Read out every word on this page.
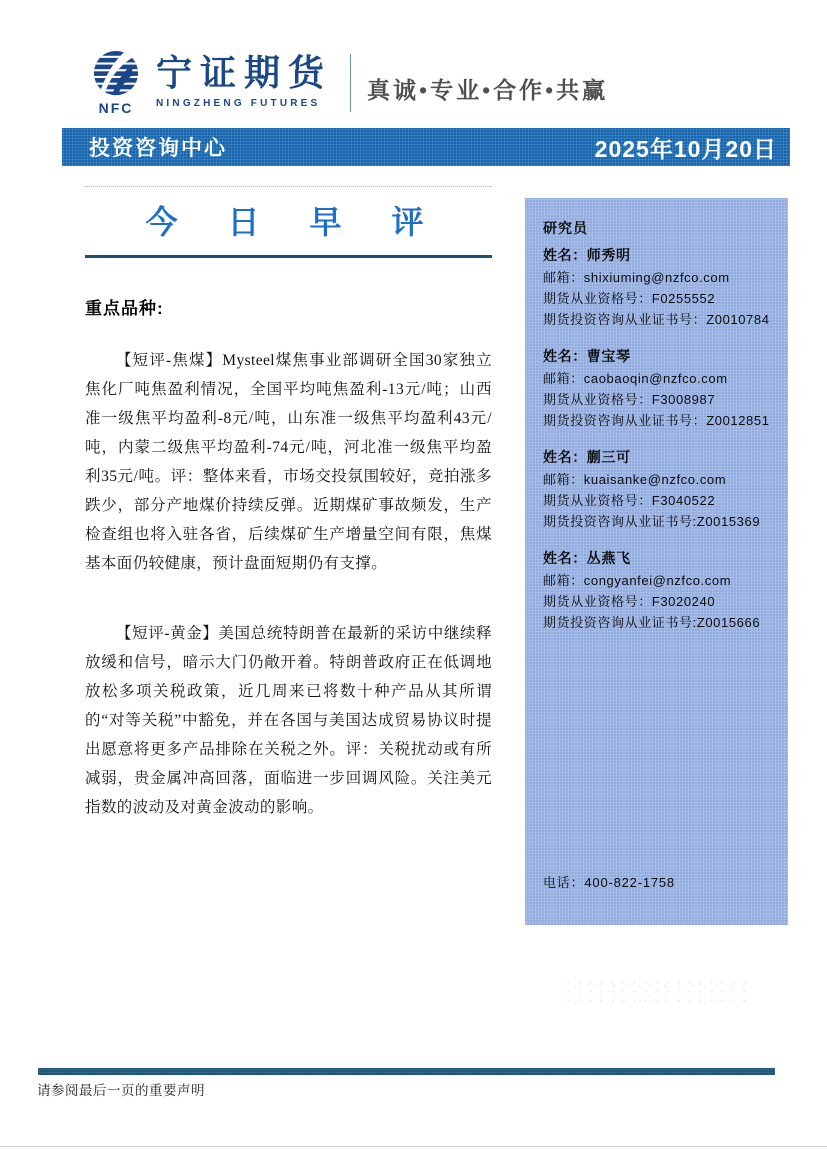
NFC
宁证期货
NINGZHENG FUTURES
真诚•专业•合作•共赢
投资咨询中心	2025年10月20日
今 日 早 评
重点品种:

【短评-焦煤】Mysteel煤焦事业部调研全国30家独立焦化厂吨焦盈利情况，全国平均吨焦盈利-13元/吨；山西准一级焦平均盈利-8元/吨，山东准一级焦平均盈利43元/吨，内蒙二级焦平均盈利-74元/吨，河北准一级焦平均盈利35元/吨。评：整体来看，市场交投氛围较好，竞拍涨多跌少，部分产地煤价持续反弹。近期煤矿事故频发，生产检查组也将入驻各省，后续煤矿生产增量空间有限，焦煤基本面仍较健康，预计盘面短期仍有支撑。

【短评-黄金】美国总统特朗普在最新的采访中继续释放缓和信号，暗示大门仍敞开着。特朗普政府正在低调地放松多项关税政策，近几周来已将数十种产品从其所谓的“对等关税”中豁免，并在各国与美国达成贸易协议时提出愿意将更多产品排除在关税之外。评：关税扰动或有所减弱，贵金属冲高回落，面临进一步回调风险。关注美元指数的波动及对黄金波动的影响。

研究员
姓名：师秀明
邮箱：shixiuming@nzfco.com
期货从业资格号：F0255552
期货投资咨询从业证书号：Z0010784
姓名：曹宝琴
邮箱：caobaoqin@nzfco.com
期货从业资格号：F3008987
期货投资咨询从业证书号：Z0012851
姓名：蒯三可
邮箱：kuaisanke@nzfco.com
期货从业资格号：F3040522
期货投资咨询从业证书号:Z0015369
姓名：丛燕飞
邮箱：congyanfei@nzfco.com
期货从业资格号：F3020240
期货投资咨询从业证书号:Z0015666
电话：400-822-1758
请参阅最后一页的重要声明
